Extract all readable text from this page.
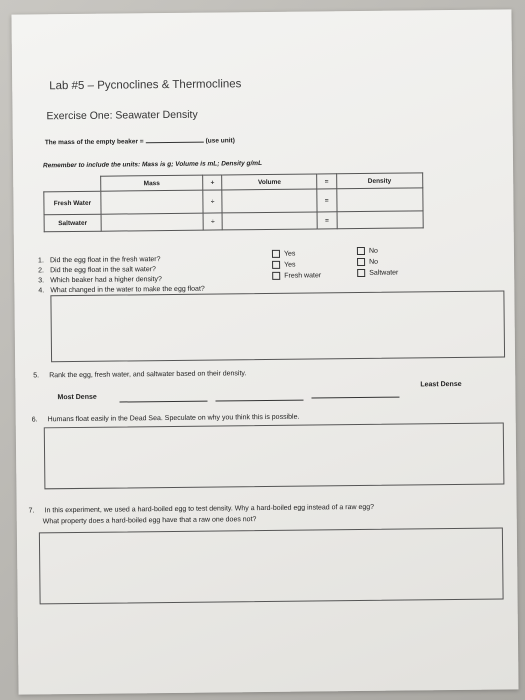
Lab #5 – Pycnoclines & Thermoclines
Exercise One: Seawater Density
The mass of the empty beaker =	(use unit)
Remember to include the units: Mass is g; Volume is mL; Density g/mL
	Mass	+	Volume	=	Density
Fresh Water		÷		=	
Saltwater		÷		=	
1. Did the egg float in the fresh water?
2. Did the egg float in the salt water?
3. Which beaker had a higher density?
4. What changed in the water to make the egg float?
Yes
Yes
Fresh water
No
No
Saltwater
5. Rank the egg, fresh water, and saltwater based on their density.
Most Dense
Least Dense
6. Humans float easily in the Dead Sea. Speculate on why you think this is possible.
7. In this experiment, we used a hard-boiled egg to test density. Why a hard-boiled egg instead of a raw egg?
What property does a hard-boiled egg have that a raw one does not?
